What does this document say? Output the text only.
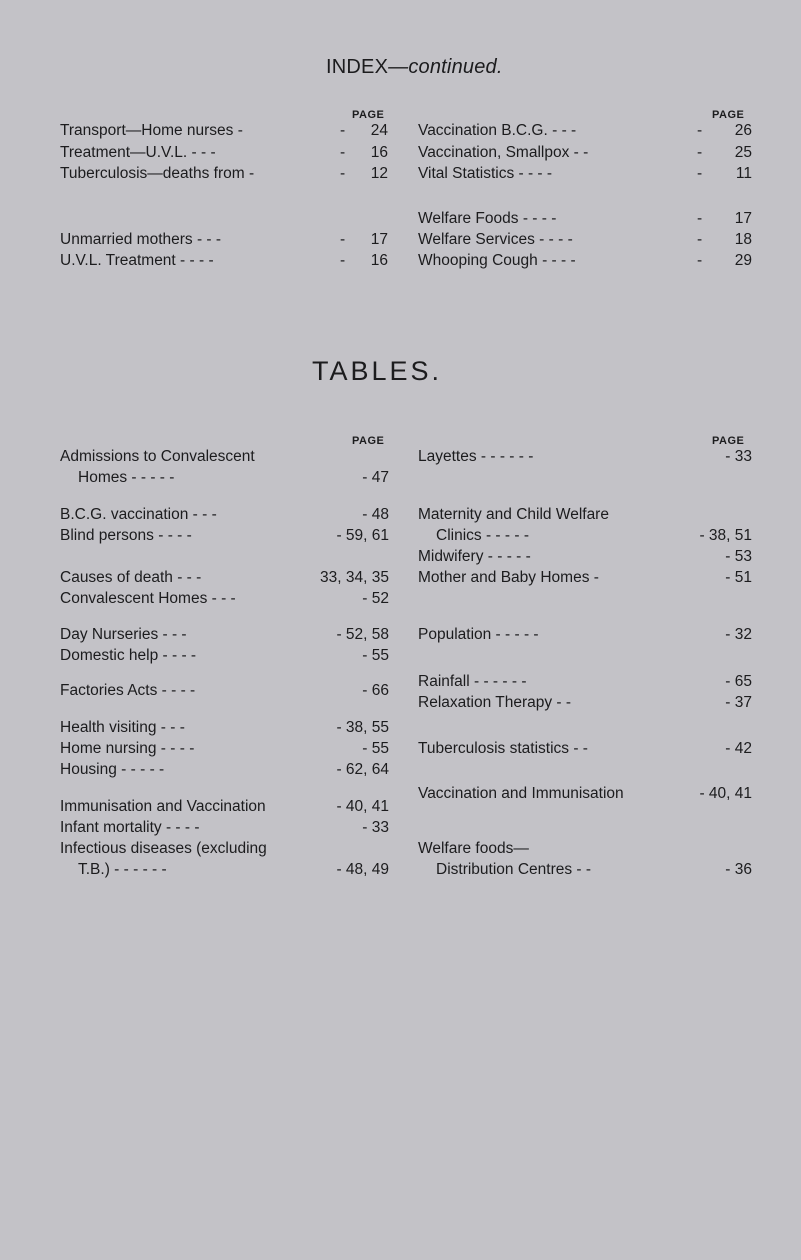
INDEX—continued.
PAGE	PAGE
Transport—Home nurses -	-	24
Treatment—U.V.L. - - -	-	16
Tuberculosis—deaths from -	-	12
Unmarried mothers - - -	-	17
U.V.L. Treatment - - - -	-	16
Vaccination B.C.G. - - -	-	26
Vaccination, Smallpox - -	-	25
Vital Statistics - - - -	-	11
Welfare Foods - - - -	-	17
Welfare Services - - - -	-	18
Whooping Cough - - - -	-	29
TABLES.
PAGE	PAGE
Admissions to Convalescent
Homes - - - - -	- 47
B.C.G. vaccination - - -	- 48
Blind persons - - - -	- 59, 61
Causes of death - - -	33, 34, 35
Convalescent Homes - - -	- 52
Day Nurseries - - -	- 52, 58
Domestic help - - - -	- 55
Factories Acts - - - -	- 66
Health visiting - - -	- 38, 55
Home nursing - - - -	- 55
Housing - - - - -	- 62, 64
Immunisation and Vaccination	- 40, 41
Infant mortality - - - -	- 33
Infectious diseases (excluding
T.B.) - - - - - -	- 48, 49
Layettes - - - - - -	- 33
Maternity and Child Welfare
Clinics - - - - -	- 38, 51
Midwifery - - - - -	- 53
Mother and Baby Homes -	- 51
Population - - - - -	- 32
Rainfall - - - - - -	- 65
Relaxation Therapy - -	- 37
Tuberculosis statistics - -	- 42
Vaccination and Immunisation	- 40, 41
Welfare foods—
Distribution Centres - -	- 36
